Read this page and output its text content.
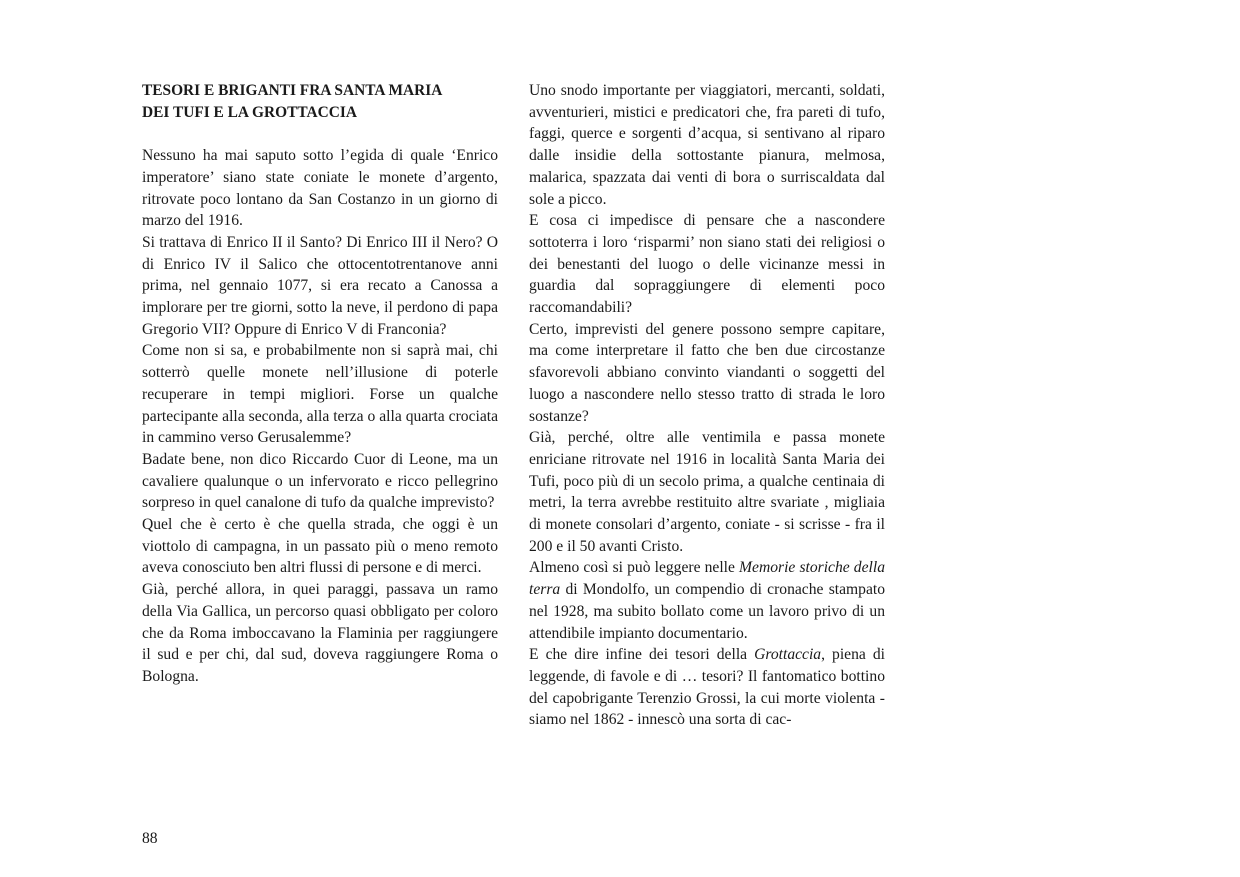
TESORI E BRIGANTI FRA SANTA MARIA
DEI TUFI E LA GROTTACCIA

Nessuno ha mai saputo sotto l’egida di quale ‘Enrico imperatore’ siano state coniate le monete d’argento, ritrovate poco lontano da San Costanzo in un giorno di marzo del 1916.

Si trattava di Enrico II il Santo? Di Enrico III il Nero? O di Enrico IV il Salico che ottocentotrentanove anni prima, nel gennaio 1077, si era recato a Canossa a implorare per tre giorni, sotto la neve, il perdono di papa Gregorio VII? Oppure di Enrico V di Franconia?

Come non si sa, e probabilmente non si saprà mai, chi sotterrò quelle monete nell’illusione di poterle recuperare in tempi migliori. Forse un qualche partecipante alla seconda, alla terza o alla quarta crociata in cammino verso Gerusalemme?

Badate bene, non dico Riccardo Cuor di Leone, ma un cavaliere qualunque o un infervorato e ricco pellegrino sorpreso in quel canalone di tufo da qualche imprevisto?

Quel che è certo è che quella strada, che oggi è un viottolo di campagna, in un passato più o meno remoto aveva conosciuto ben altri flussi di persone e di merci.

Già, perché allora, in quei paraggi, passava un ramo della Via Gallica, un percorso quasi obbligato per coloro che da Roma imboccavano la Flaminia per raggiungere il sud e per chi, dal sud, doveva raggiungere Roma o Bologna.

Uno snodo importante per viaggiatori, mercanti, soldati, avventurieri, mistici e predicatori che, fra pareti di tufo, faggi, querce e sorgenti d’acqua, si sentivano al riparo dalle insidie della sottostante pianura, melmosa, malarica, spazzata dai venti di bora o surriscaldata dal sole a picco.

E cosa ci impedisce di pensare che a nascondere sottoterra i loro ‘risparmi’ non siano stati dei religiosi o dei benestanti del luogo o delle vicinanze messi in guardia dal sopraggiungere di elementi poco raccomandabili?

Certo, imprevisti del genere possono sempre capitare, ma come interpretare il fatto che ben due circostanze sfavorevoli abbiano convinto viandanti o soggetti del luogo a nascondere nello stesso tratto di strada le loro sostanze?

Già, perché, oltre alle ventimila e passa monete enriciane ritrovate nel 1916 in località Santa Maria dei Tufi, poco più di un secolo prima, a qualche centinaia di metri, la terra avrebbe restituito altre svariate , migliaia di monete consolari d’argento, coniate - si scrisse - fra il 200 e il 50 avanti Cristo.

Almeno così si può leggere nelle Memorie storiche della terra di Mondolfo, un compendio di cronache stampato nel 1928, ma subito bollato come un lavoro privo di un attendibile impianto documentario.

E che dire infine dei tesori della Grottaccia, piena di leggende, di favole e di … tesori? Il fantomatico bottino del capobrigante Terenzio Grossi, la cui morte violenta - siamo nel 1862 - innescò una sorta di cac-

88
